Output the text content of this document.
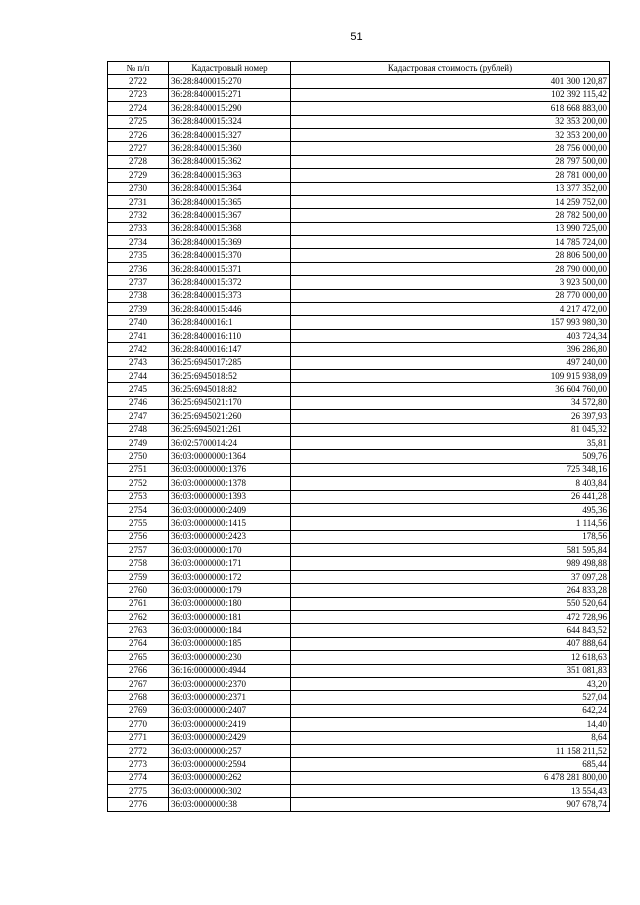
51
№ п/п	Кадастровый номер	Кадастровая стоимость (рублей)
2722	36:28:8400015:270	401 300 120,87
2723	36:28:8400015:271	102 392 115,42
2724	36:28:8400015:290	618 668 883,00
2725	36:28:8400015:324	32 353 200,00
2726	36:28:8400015:327	32 353 200,00
2727	36:28:8400015:360	28 756 000,00
2728	36:28:8400015:362	28 797 500,00
2729	36:28:8400015:363	28 781 000,00
2730	36:28:8400015:364	13 377 352,00
2731	36:28:8400015:365	14 259 752,00
2732	36:28:8400015:367	28 782 500,00
2733	36:28:8400015:368	13 990 725,00
2734	36:28:8400015:369	14 785 724,00
2735	36:28:8400015:370	28 806 500,00
2736	36:28:8400015:371	28 790 000,00
2737	36:28:8400015:372	3 923 500,00
2738	36:28:8400015:373	28 770 000,00
2739	36:28:8400015:446	4 217 472,00
2740	36:28:8400016:1	157 993 980,30
2741	36:28:8400016:110	403 724,34
2742	36:28:8400016:147	396 286,80
2743	36:25:6945017:285	497 240,00
2744	36:25:6945018:52	109 915 938,09
2745	36:25:6945018:82	36 604 760,00
2746	36:25:6945021:170	34 572,80
2747	36:25:6945021:260	26 397,93
2748	36:25:6945021:261	81 045,32
2749	36:02:5700014:24	35,81
2750	36:03:0000000:1364	509,76
2751	36:03:0000000:1376	725 348,16
2752	36:03:0000000:1378	8 403,84
2753	36:03:0000000:1393	26 441,28
2754	36:03:0000000:2409	495,36
2755	36:03:0000000:1415	1 114,56
2756	36:03:0000000:2423	178,56
2757	36:03:0000000:170	581 595,84
2758	36:03:0000000:171	989 498,88
2759	36:03:0000000:172	37 097,28
2760	36:03:0000000:179	264 833,28
2761	36:03:0000000:180	550 520,64
2762	36:03:0000000:181	472 728,96
2763	36:03:0000000:184	644 843,52
2764	36:03:0000000:185	407 888,64
2765	36:03:0000000:230	12 618,63
2766	36:16:0000000:4944	351 081,83
2767	36:03:0000000:2370	43,20
2768	36:03:0000000:2371	527,04
2769	36:03:0000000:2407	642,24
2770	36:03:0000000:2419	14,40
2771	36:03:0000000:2429	8,64
2772	36:03:0000000:257	11 158 211,52
2773	36:03:0000000:2594	685,44
2774	36:03:0000000:262	6 478 281 800,00
2775	36:03:0000000:302	13 554,43
2776	36:03:0000000:38	907 678,74
